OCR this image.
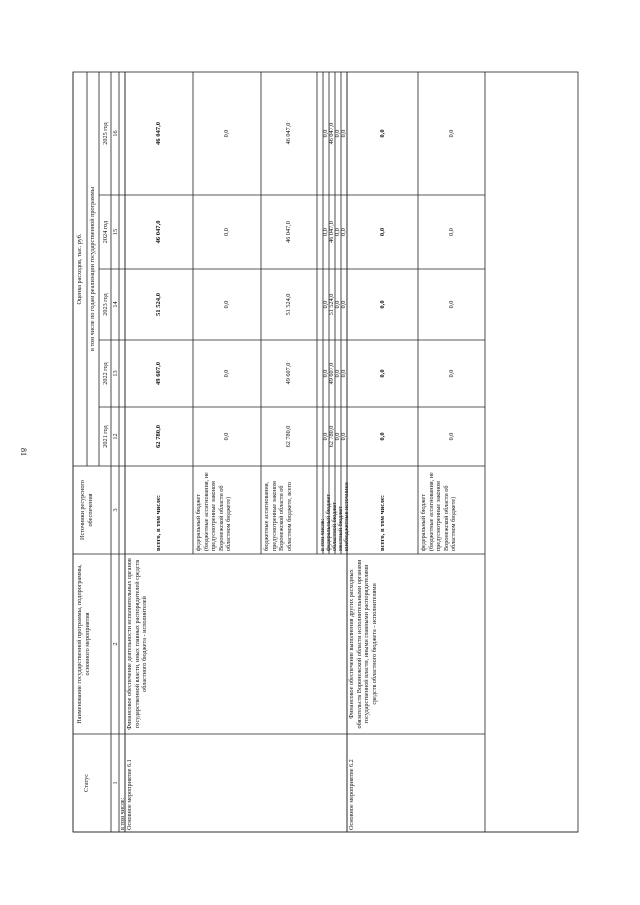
81
Статус
Наименование государственной программы, подпрограммы, основного мероприятия
Источники ресурсного обеспечения
Оценка расходов, тыс. руб. в том числе по годам реализации государственной программы
2021 год
2022 год
2023 год
2024 год
2025 год
1
2
3
12
13
14
15
16
в том числе: Основное мероприятие 6.1
Финансовое обеспечение деятельности исполнительных органов государственной власти, иных главных распорядителей средств областного бюджета - исполнителей
всего, в том числе:
62 780,0
49 607,0
51 524,0
46 047,0
46 047,0
федеральный бюджет (бюджетные ассигнования, не предусмотренные законом Воронежской области об областном бюджете)
0,0
0,0
0,0
0,0
0,0
бюджетные ассигнования, предусмотренные законом Воронежской области об областном бюджете, всего
62 780,0
49 607,0
51 524,0
46 047,0
46 047,0
в том числе: федеральный бюджет
0,0
0,0
0,0
0,0
0,0
областной бюджет
62 780,0
49 607,0
51 524,0
46 047,0
46 047,0
местный бюджет
0,0
0,0
0,0
0,0
0,0
внебюджетные источники
0,0
0,0
0,0
0,0
0,0
Основное мероприятие 6.2
Финансовое обеспечение выполнения других расходных обязательств Воронежской области исполнительными органами государственной власти, иными главными распорядителями средств областного бюджета - исполнителями
всего, в том числе:
0,0
0,0
0,0
0,0
0,0
федеральный бюджет (бюджетные ассигнования, не предусмотренные законом Воронежской области об областном бюджете)
0,0
0,0
0,0
0,0
0,0
